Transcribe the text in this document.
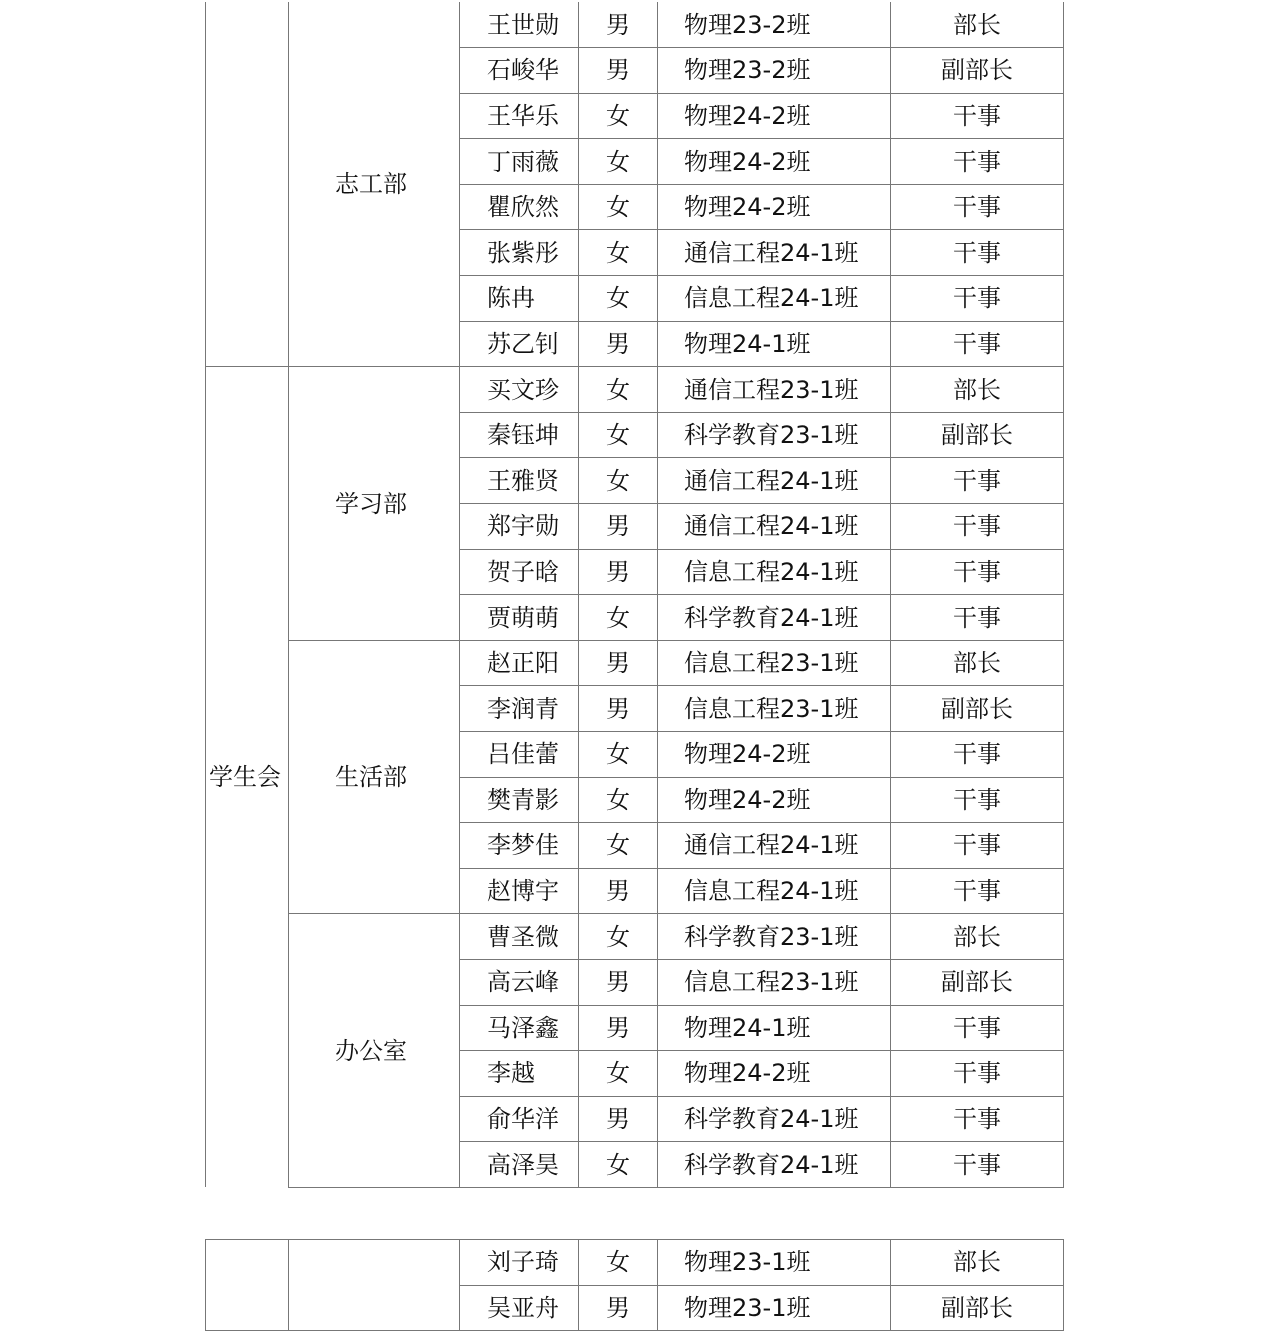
	志工部	王世勋	男	物理23-2班	部长
		石峻华	男	物理23-2班	副部长
		王华乐	女	物理24-2班	干事
		丁雨薇	女	物理24-2班	干事
		瞿欣然	女	物理24-2班	干事
		张紫彤	女	通信工程24-1班	干事
		陈冉	女	信息工程24-1班	干事
		苏乙钊	男	物理24-1班	干事
学生会	学习部	买文珍	女	通信工程23-1班	部长
		秦钰坤	女	科学教育23-1班	副部长
		王雅贤	女	通信工程24-1班	干事
		郑宇勋	男	通信工程24-1班	干事
		贺子晗	男	信息工程24-1班	干事
		贾萌萌	女	科学教育24-1班	干事
	生活部	赵正阳	男	信息工程23-1班	部长
		李润青	男	信息工程23-1班	副部长
		吕佳蕾	女	物理24-2班	干事
		樊青影	女	物理24-2班	干事
		李梦佳	女	通信工程24-1班	干事
		赵博宇	男	信息工程24-1班	干事
	办公室	曹圣微	女	科学教育23-1班	部长
		高云峰	男	信息工程23-1班	副部长
		马泽鑫	男	物理24-1班	干事
		李越	女	物理24-2班	干事
		俞华洋	男	科学教育24-1班	干事
		高泽昊	女	科学教育24-1班	干事
		刘子琦	女	物理23-1班	部长
		吴亚舟	男	物理23-1班	副部长
